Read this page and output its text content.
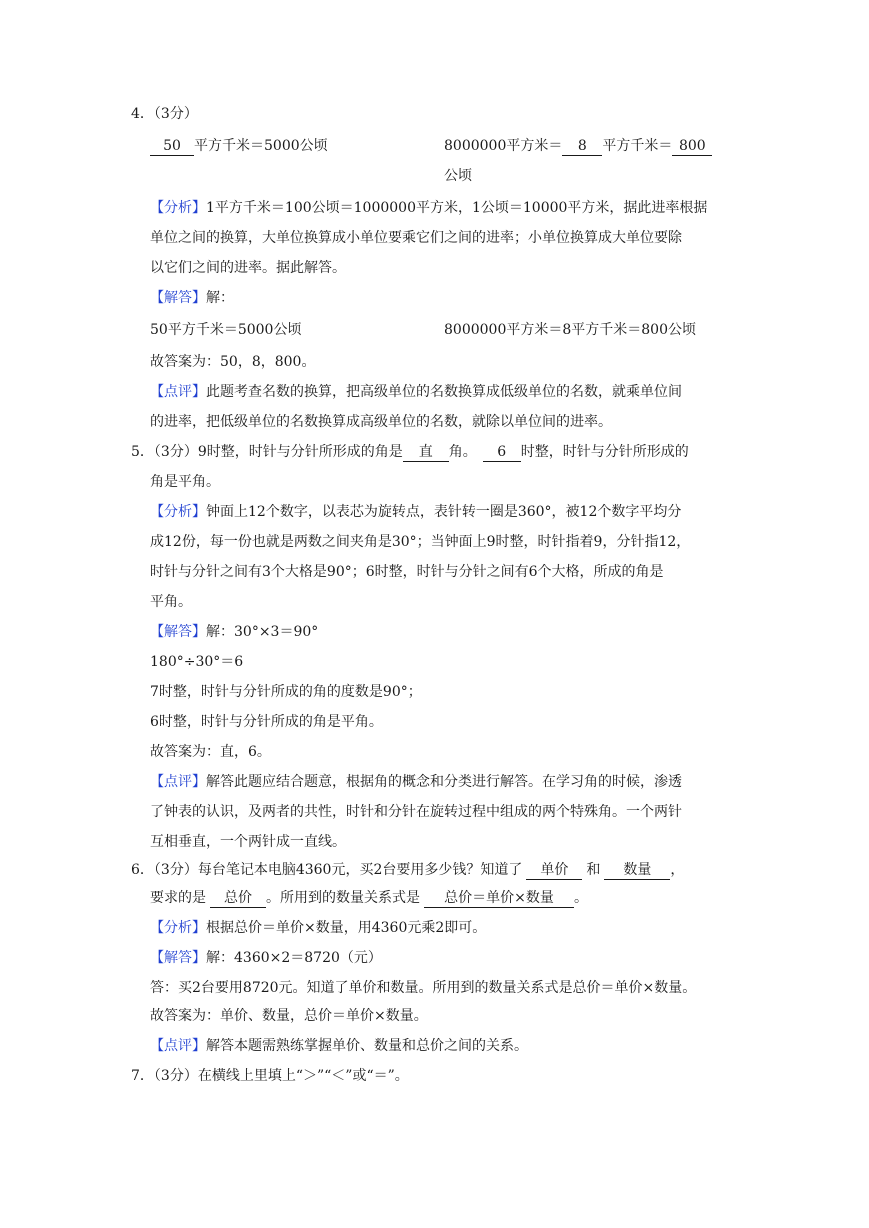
4．（3分）
50 平方千米＝5000公顷	8000000平方米＝ 8 平方千米＝ 800
公顷
【分析】1平方千米＝100公顷＝1000000平方米，1公顷＝10000平方米，据此进率根据
单位之间的换算，大单位换算成小单位要乘它们之间的进率；小单位换算成大单位要除
以它们之间的进率。据此解答。
【解答】解：
50平方千米＝5000公顷	8000000平方米＝8平方千米＝800公顷
故答案为：50，8，800。
【点评】此题考查名数的换算，把高级单位的名数换算成低级单位的名数，就乘单位间
的进率，把低级单位的名数换算成高级单位的名数，就除以单位间的进率。
5．（3分）9时整，时针与分针所形成的角是 直 角。 6 时整，时针与分针所形成的
角是平角。
【分析】钟面上12个数字，以表芯为旋转点，表针转一圈是360°，被12个数字平均分
成12份，每一份也就是两数之间夹角是30°；当钟面上9时整，时针指着9，分针指12，
时针与分针之间有3个大格是90°；6时整，时针与分针之间有6个大格，所成的角是
平角。
【解答】解：30°×3＝90°
180°÷30°＝6
7时整，时针与分针所成的角的度数是90°；
6时整，时针与分针所成的角是平角。
故答案为：直，6。
【点评】解答此题应结合题意，根据角的概念和分类进行解答。在学习角的时候，渗透
了钟表的认识，及两者的共性，时针和分针在旋转过程中组成的两个特殊角。一个两针
互相垂直，一个两针成一直线。
6．（3分）每台笔记本电脑4360元，买2台要用多少钱？知道了 单价 和 数量 ，
要求的是 总价 。所用到的数量关系式是 总价＝单价×数量 。
【分析】根据总价＝单价×数量，用4360元乘2即可。
【解答】解：4360×2＝8720（元）
答：买2台要用8720元。知道了单价和数量。所用到的数量关系式是总价＝单价×数量。
故答案为：单价、数量，总价＝单价×数量。
【点评】解答本题需熟练掌握单价、数量和总价之间的关系。
7．（3分）在横线上里填上“＞”“＜”或“＝”。
